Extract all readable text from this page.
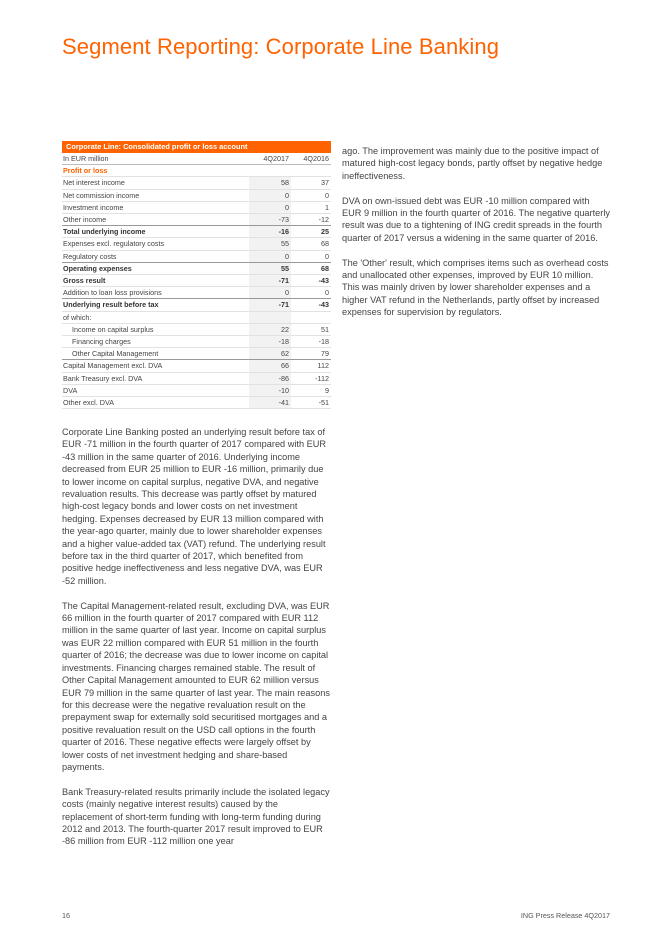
Segment Reporting: Corporate Line Banking
Corporate Line: Consolidated profit or loss account
In EUR million	4Q2017	4Q2016
Profit or loss		
Net interest income	58	37
Net commission income	0	0
Investment income	0	1
Other income	-73	-12
Total underlying income	-16	25
Expenses excl. regulatory costs	55	68
Regulatory costs	0	0
Operating expenses	55	68
Gross result	-71	-43
Addition to loan loss provisions	0	0
Underlying result before tax	-71	-43
of which:		
Income on capital surplus	22	51
Financing charges	-18	-18
Other Capital Management	62	79
Capital Management excl. DVA	66	112
Bank Treasury excl. DVA	-86	-112
DVA	-10	9
Other excl. DVA	-41	-51

Corporate Line Banking posted an underlying result before tax of EUR -71 million in the fourth quarter of 2017 compared with EUR -43 million in the same quarter of 2016. Underlying income decreased from EUR 25 million to EUR -16 million, primarily due to lower income on capital surplus, negative DVA, and negative revaluation results. This decrease was partly offset by matured high-cost legacy bonds and lower costs on net investment hedging. Expenses decreased by EUR 13 million compared with the year-ago quarter, mainly due to lower shareholder expenses and a higher value-added tax (VAT) refund. The underlying result before tax in the third quarter of 2017, which benefited from positive hedge ineffectiveness and less negative DVA, was EUR -52 million.

The Capital Management-related result, excluding DVA, was EUR 66 million in the fourth quarter of 2017 compared with EUR 112 million in the same quarter of last year. Income on capital surplus was EUR 22 million compared with EUR 51 million in the fourth quarter of 2016; the decrease was due to lower income on capital investments. Financing charges remained stable. The result of Other Capital Management amounted to EUR 62 million versus EUR 79 million in the same quarter of last year. The main reasons for this decrease were the negative revaluation result on the prepayment swap for externally sold securitised mortgages and a positive revaluation result on the USD call options in the fourth quarter of 2016. These negative effects were largely offset by lower costs of net investment hedging and share-based payments.

Bank Treasury-related results primarily include the isolated legacy costs (mainly negative interest results) caused by the replacement of short-term funding with long-term funding during 2012 and 2013. The fourth-quarter 2017 result improved to EUR -86 million from EUR -112 million one year

ago. The improvement was mainly due to the positive impact of matured high-cost legacy bonds, partly offset by negative hedge ineffectiveness.

DVA on own-issued debt was EUR -10 million compared with EUR 9 million in the fourth quarter of 2016. The negative quarterly result was due to a tightening of ING credit spreads in the fourth quarter of 2017 versus a widening in the same quarter of 2016.

The 'Other' result, which comprises items such as overhead costs and unallocated other expenses, improved by EUR 10 million. This was mainly driven by lower shareholder expenses and a higher VAT refund in the Netherlands, partly offset by increased expenses for supervision by regulators.

16	ING Press Release 4Q2017
